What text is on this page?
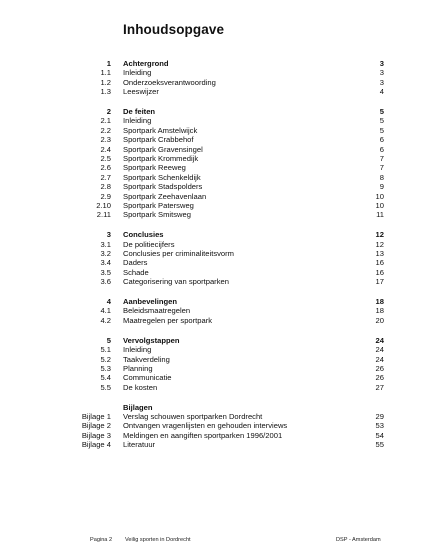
Inhoudsopgave
1 Achtergrond	3
1.1 Inleiding	3
1.2 Onderzoeksverantwoording	3
1.3 Leeswijzer	4
2 De feiten	5
2.1 Inleiding	5
2.2 Sportpark Amstelwijck	5
2.3 Sportpark Crabbehof	6
2.4 Sportpark Gravensingel	6
2.5 Sportpark Krommedijk	7
2.6 Sportpark Reeweg	7
2.7 Sportpark Schenkeldijk	8
2.8 Sportpark Stadspolders	9
2.9 Sportpark Zeehavenlaan	10
2.10 Sportpark Patersweg	10
2.11 Sportpark Smitsweg	11
3 Conclusies	12
3.1 De politiecijfers	12
3.2 Conclusies per criminaliteitsvorm	13
3.4 Daders	16
3.5 Schade	16
3.6 Categorisering van sportparken	17
4 Aanbevelingen	18
4.1 Beleidsmaatregelen	18
4.2 Maatregelen per sportpark	20
5 Vervolgstappen	24
5.1 Inleiding	24
5.2 Taakverdeling	24
5.3 Planning	26
5.4 Communicatie	26
5.5 De kosten	27
Bijlagen
Bijlage 1 Verslag schouwen sportparken Dordrecht	29
Bijlage 2 Ontvangen vragenlijsten en gehouden interviews	53
Bijlage 3 Meldingen en aangiften sportparken 1996/2001	54
Bijlage 4 Literatuur	55
Pagina 2 Veilig sporten in Dordrecht	DSP - Amsterdam
